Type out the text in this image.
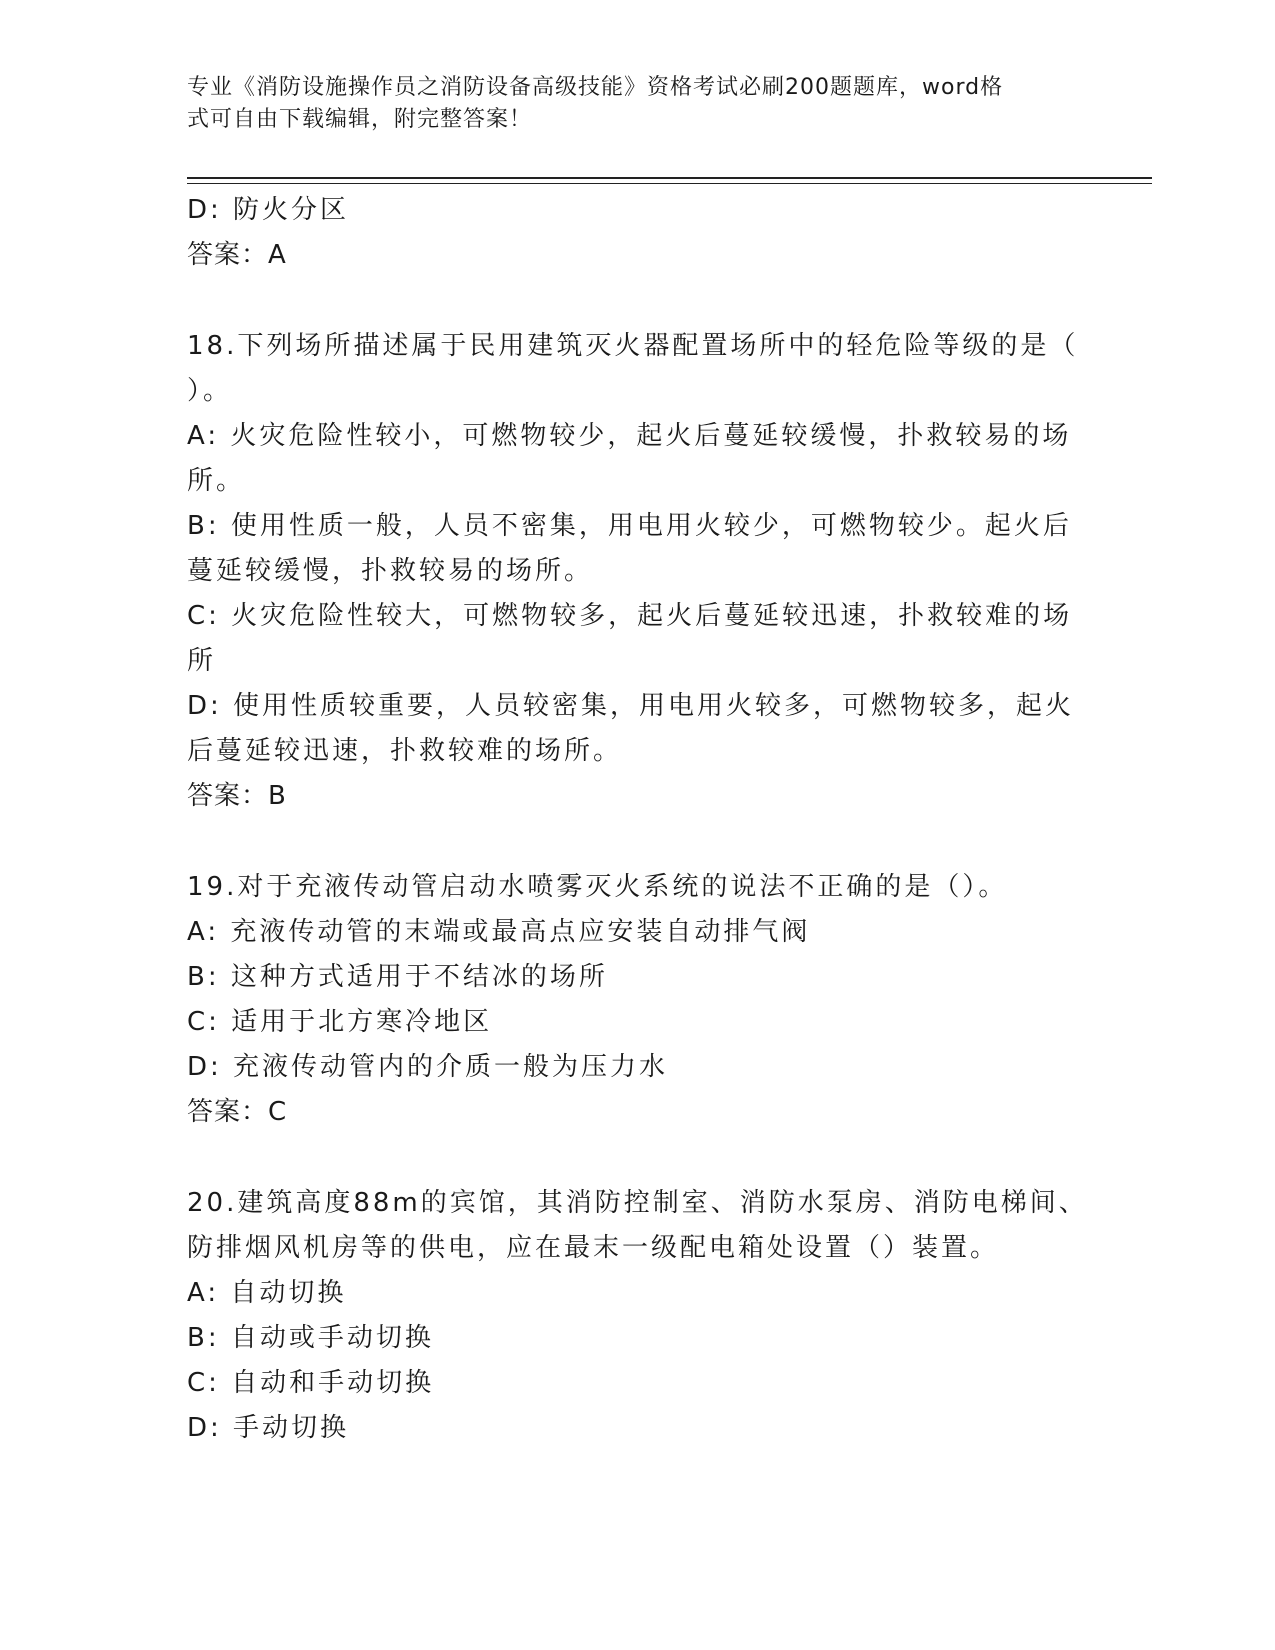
专业《消防设施操作员之消防设备高级技能》资格考试必刷200题题库，word格
式可自由下载编辑，附完整答案！

D: 防火分区

答案：A

18.下列场所描述属于民用建筑灭火器配置场所中的轻危险等级的是（

）。

A: 火灾危险性较小，可燃物较少，起火后蔓延较缓慢，扑救较易的场

所。

B: 使用性质一般，人员不密集，用电用火较少，可燃物较少。起火后

蔓延较缓慢，扑救较易的场所。

C: 火灾危险性较大，可燃物较多，起火后蔓延较迅速，扑救较难的场

所

D: 使用性质较重要，人员较密集，用电用火较多，可燃物较多，起火

后蔓延较迅速，扑救较难的场所。

答案：B

19.对于充液传动管启动水喷雾灭火系统的说法不正确的是（）。

A: 充液传动管的末端或最高点应安装自动排气阀

B: 这种方式适用于不结冰的场所

C: 适用于北方寒冷地区

D: 充液传动管内的介质一般为压力水

答案：C

20.建筑高度88m的宾馆，其消防控制室、消防水泵房、消防电梯间、

防排烟风机房等的供电，应在最末一级配电箱处设置（）装置。

A: 自动切换

B: 自动或手动切换

C: 自动和手动切换

D: 手动切换
